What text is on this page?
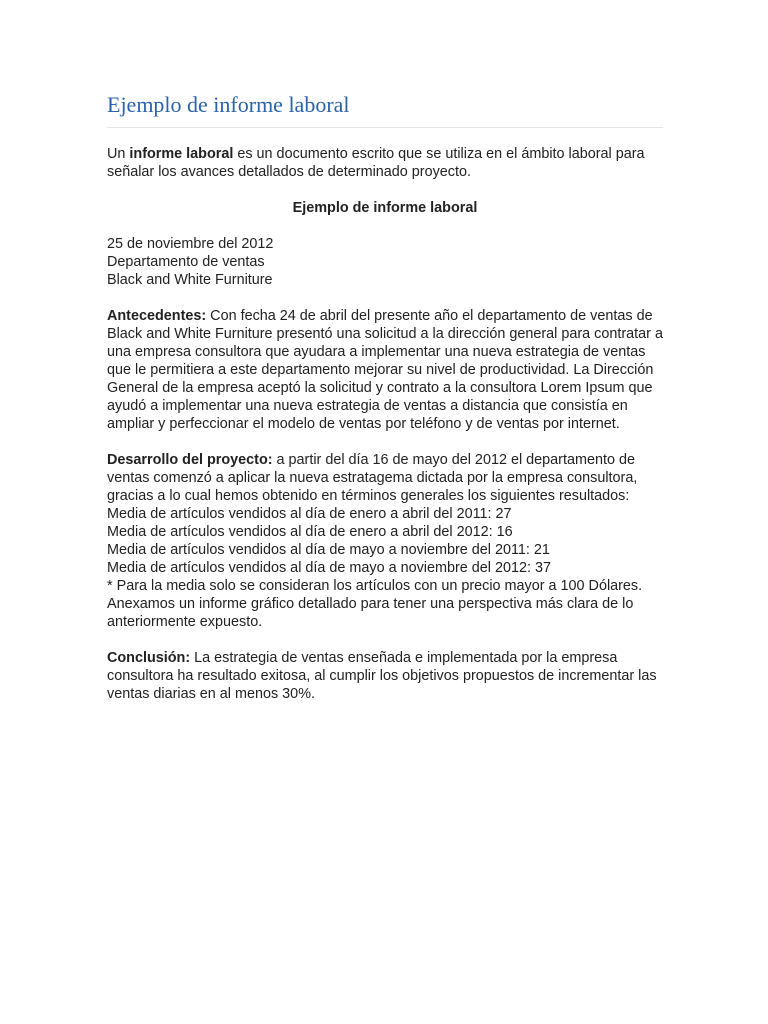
Ejemplo de informe laboral

Un informe laboral es un documento escrito que se utiliza en el ámbito laboral para señalar los avances detallados de determinado proyecto.

Ejemplo de informe laboral

25 de noviembre del 2012
Departamento de ventas
Black and White Furniture

Antecedentes: Con fecha 24 de abril del presente año el departamento de ventas de Black and White Furniture presentó una solicitud a la dirección general para contratar a una empresa consultora que ayudara a implementar una nueva estrategia de ventas que le permitiera a este departamento mejorar su nivel de productividad. La Dirección General de la empresa aceptó la solicitud y contrato a la consultora Lorem Ipsum que ayudó a implementar una nueva estrategia de ventas a distancia que consistía en ampliar y perfeccionar el modelo de ventas por teléfono y de ventas por internet.

Desarrollo del proyecto: a partir del día 16 de mayo del 2012 el departamento de ventas comenzó a aplicar la nueva estratagema dictada por la empresa consultora, gracias a lo cual hemos obtenido en términos generales los siguientes resultados:
Media de artículos vendidos al día de enero a abril del 2011: 27
Media de artículos vendidos al día de enero a abril del 2012: 16
Media de artículos vendidos al día de mayo a noviembre del 2011: 21
Media de artículos vendidos al día de mayo a noviembre del 2012: 37
* Para la media solo se consideran los artículos con un precio mayor a 100 Dólares.
Anexamos un informe gráfico detallado para tener una perspectiva más clara de lo anteriormente expuesto.

Conclusión: La estrategia de ventas enseñada e implementada por la empresa consultora ha resultado exitosa, al cumplir los objetivos propuestos de incrementar las ventas diarias en al menos 30%.
